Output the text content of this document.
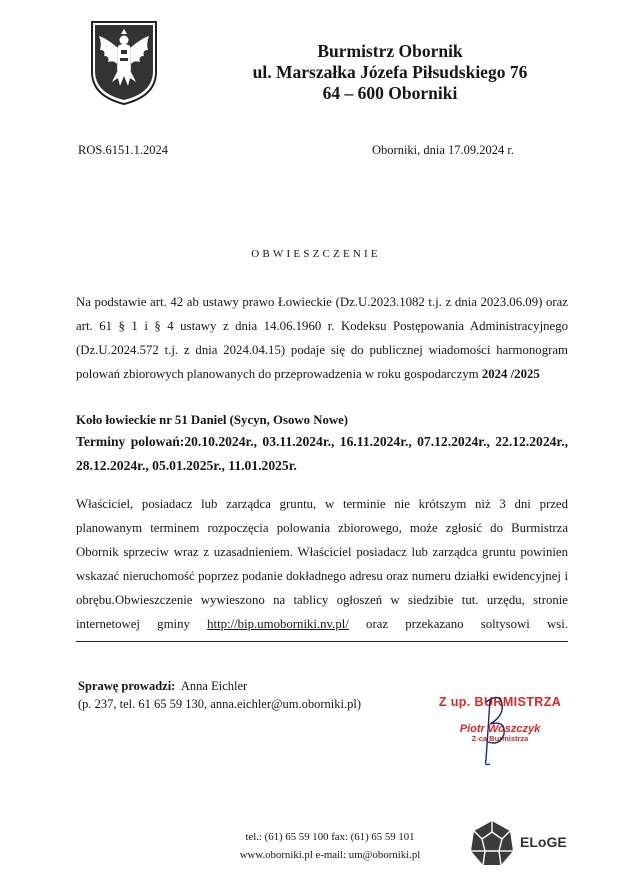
Burmistrz Obornik
ul. Marszałka Józefa Piłsudskiego 76
64 – 600 Oborniki
ROS.6151.1.2024	Oborniki, dnia 17.09.2024 r.
OBWIESZCZENIE
Na podstawie art. 42 ab ustawy prawo Łowieckie (Dz.U.2023.1082 t.j. z dnia 2023.06.09) oraz art. 61 § 1 i § 4 ustawy z dnia 14.06.1960 r. Kodeksu Postępowania Administracyjnego (Dz.U.2024.572 t.j. z dnia 2024.04.15) podaje się do publicznej wiadomości harmonogram polowań zbiorowych planowanych do przeprowadzenia w roku gospodarczym 2024 /2025
Koło łowieckie nr 51 Daniel (Sycyn, Osowo Nowe)
Terminy polowań:20.10.2024r., 03.11.2024r., 16.11.2024r., 07.12.2024r., 22.12.2024r., 28.12.2024r., 05.01.2025r., 11.01.2025r.
Właściciel, posiadacz lub zarządca gruntu, w terminie nie krótszym niż 3 dni przed planowanym terminem rozpoczęcia polowania zbiorowego, może zgłosić do Burmistrza Obornik sprzeciw wraz z uzasadnieniem. Właściciel posiadacz lub zarządca gruntu powinien wskazać nieruchomość poprzez podanie dokładnego adresu oraz numeru działki ewidencyjnej i obrębu. Obwieszczenie wywieszono na tablicy ogłoszeń w siedzibie tut. urzędu, stronie internetowej gminy http://bip.umoborniki.nv.pl/ oraz przekazano soltysowi wsi.
Sprawę prowadzi: Anna Eichler
(p. 237, tel. 61 65 59 130, anna.eichler@um.oborniki.pl)	Z up. BURMISTRZA
Piotr Woszczyk
Z-ca Burmistrza
tel.: (61) 65 59 100 fax: (61) 65 59 101
www.oborniki.pl e-mail: um@oborniki.pl
ELoGE
